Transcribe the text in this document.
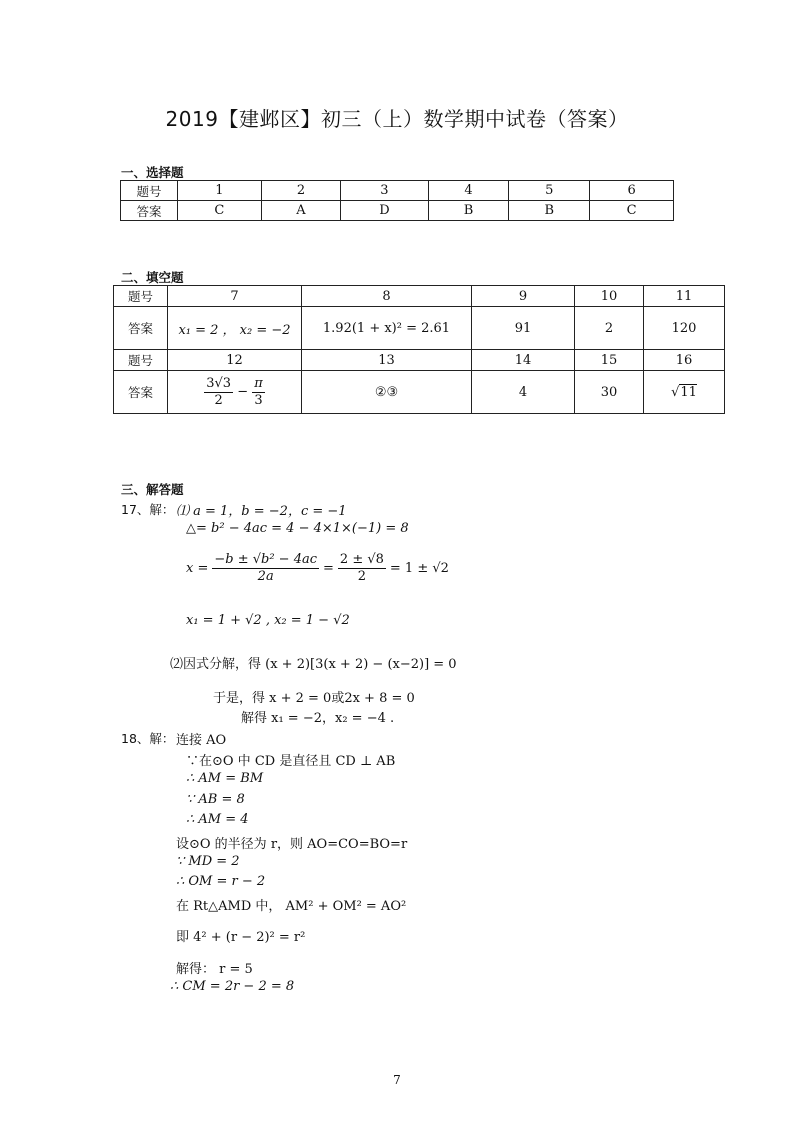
2019【建邺区】初三（上）数学期中试卷（答案）
一、选择题
题号	1	2	3	4	5	6
答案	C	A	D	B	B	C
二、填空题
题号	7	8	9	10	11
答案	x₁ = 2 ， x₂ = −2	1.92(1 + x)² = 2.61	91	2	120
题号	12	13	14	15	16
答案	$\frac{3√3}{2} - \frac{\pi}{3}$	②③	4	30	√11
三、解答题
17、解： ⑴ a = 1，b = −2，c = −1
△= b² − 4ac = 4 − 4×1×(−1) = 8
$x = \frac{\text{−b ± √b² − 4ac}}{2a} = \frac{2 \pm √8}{2} = 1 \pm √2$
x₁ = 1 + √2 , x₂ = 1 − √2
⑵因式分解，得 (x + 2)[3(x + 2) − (x−2)] = 0
于是，得 x + 2 = 0或2x + 8 = 0
解得 x₁ = −2，x₂ = −4 .
18、解： 连接 AO
∵在⊙O 中 CD 是直径且 CD ⊥ AB
∴ AM = BM
∵ AB = 8
∴ AM = 4
设⊙O 的半径为 r，则 AO=CO=BO=r
∵ MD = 2
∴ OM = r − 2
在 Rt△AMD 中， AM² + OM² = AO²
即 4² + (r − 2)² = r²
解得： r = 5
∴ CM = 2r − 2 = 8
7
